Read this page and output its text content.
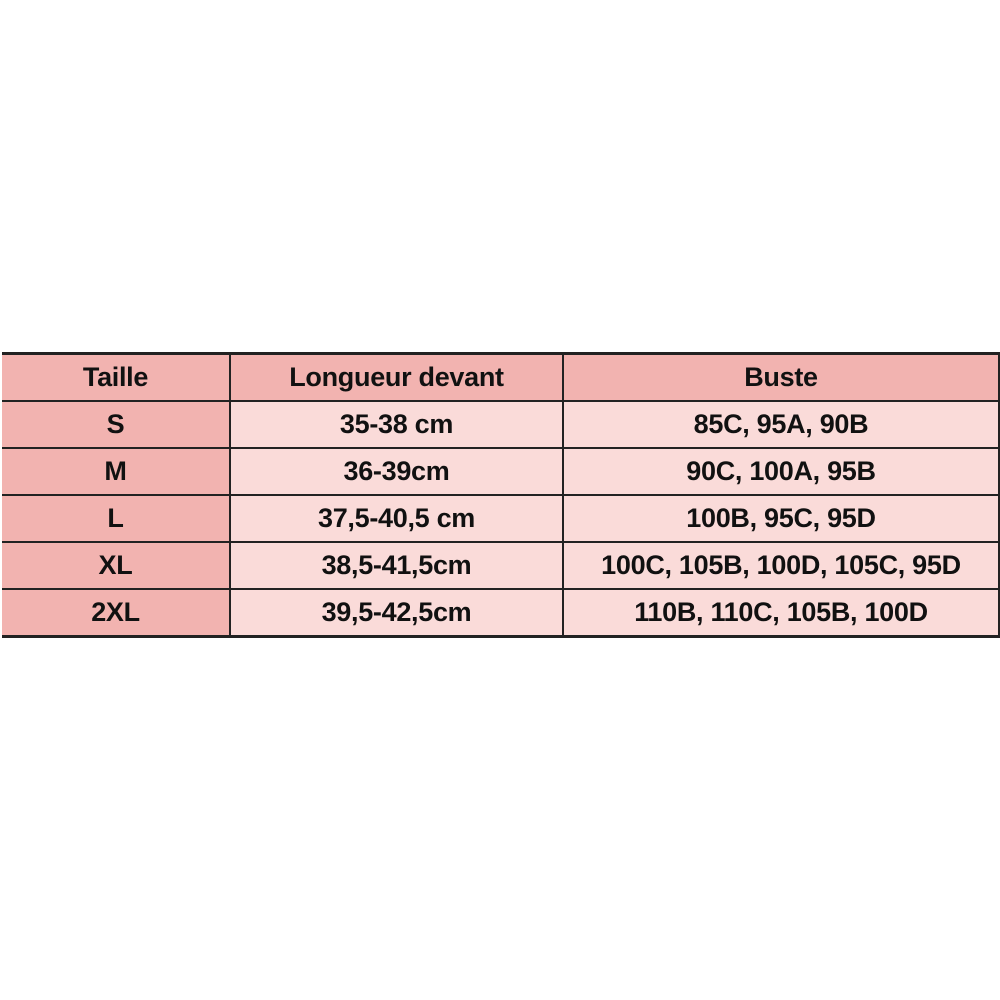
Taille	Longueur devant	Buste
S	35-38 cm	85C, 95A, 90B
M	36-39cm	90C, 100A, 95B
L	37,5-40,5 cm	100B, 95C, 95D
XL	38,5-41,5cm	100C, 105B, 100D, 105C, 95D
2XL	39,5-42,5cm	110B, 110C, 105B, 100D
